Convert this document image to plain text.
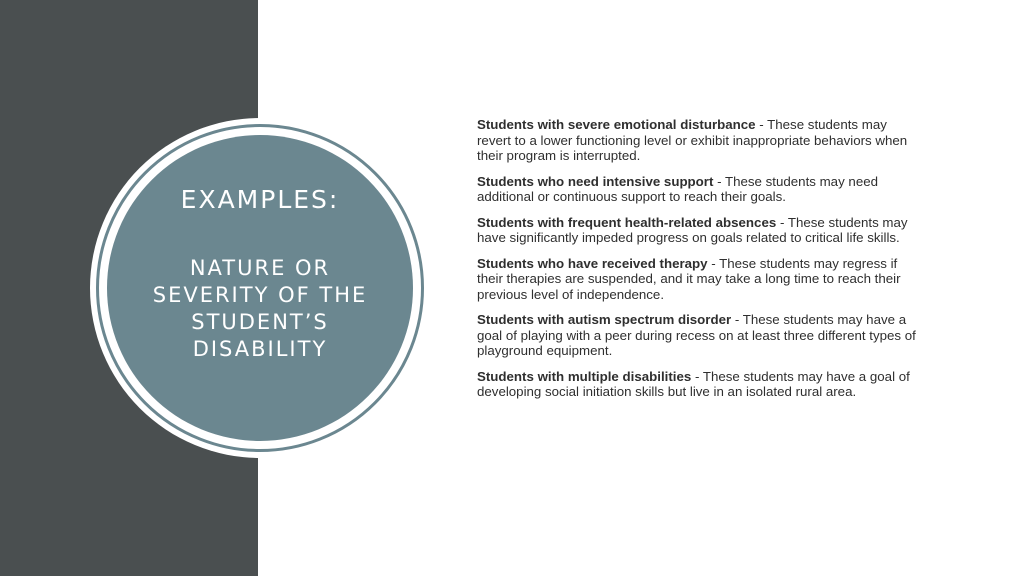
EXAMPLES:

NATURE OR SEVERITY OF THE STUDENT’S DISABILITY

Students with severe emotional disturbance - These students may revert to a lower functioning level or exhibit inappropriate behaviors when their program is interrupted.

Students who need intensive support - These students may need additional or continuous support to reach their goals.

Students with frequent health-related absences - These students may have significantly impeded progress on goals related to critical life skills.

Students who have received therapy - These students may regress if their therapies are suspended, and it may take a long time to reach their previous level of independence.

Students with autism spectrum disorder - These students may have a goal of playing with a peer during recess on at least three different types of playground equipment.

Students with multiple disabilities - These students may have a goal of developing social initiation skills but live in an isolated rural area.
